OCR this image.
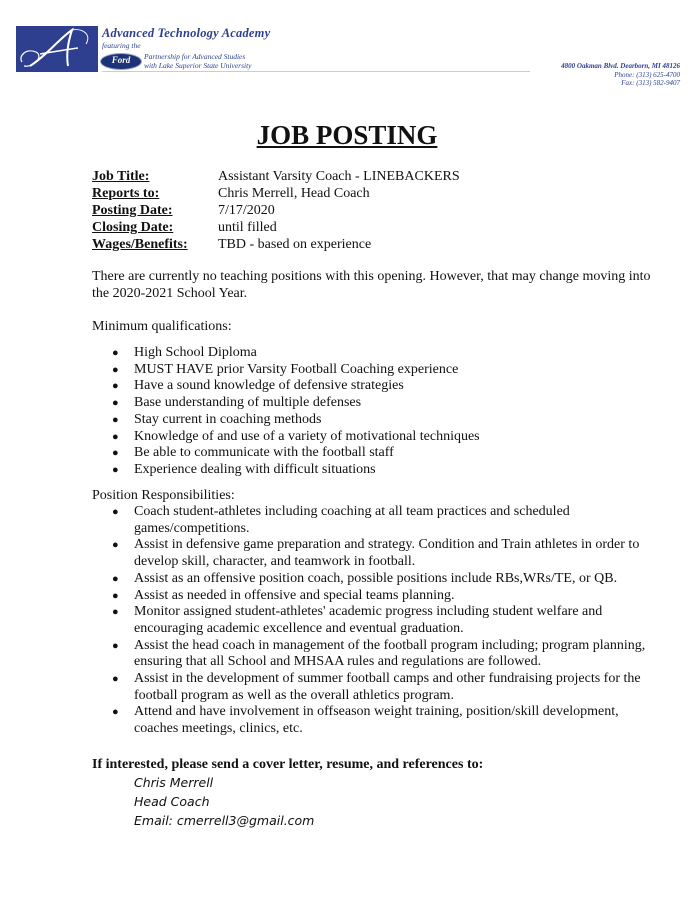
Advanced Technology Academy
featuring the
Ford	Partnership for Advanced Studies
with Lake Superior State University	4800 Oakman Blvd. Dearborn, MI 48126
Phone: (313) 625-4700
Fax: (313) 582-9407
JOB POSTING
Job Title:	Assistant Varsity Coach - LINEBACKERS
Reports to:	Chris Merrell, Head Coach
Posting Date:	7/17/2020
Closing Date:	until filled
Wages/Benefits:	TBD - based on experience
There are currently no teaching positions with this opening. However, that may change moving into the 2020-2021 School Year.
Minimum qualifications:
● High School Diploma
● MUST HAVE prior Varsity Football Coaching experience
● Have a sound knowledge of defensive strategies
● Base understanding of multiple defenses
● Stay current in coaching methods
● Knowledge of and use of a variety of motivational techniques
● Be able to communicate with the football staff
● Experience dealing with difficult situations
Position Responsibilities:
● Coach student-athletes including coaching at all team practices and scheduled games/competitions.
● Assist in defensive game preparation and strategy. Condition and Train athletes in order to develop skill, character, and teamwork in football.
● Assist as an offensive position coach, possible positions include RBs,WRs/TE, or QB.
● Assist as needed in offensive and special teams planning.
● Monitor assigned student-athletes' academic progress including student welfare and encouraging academic excellence and eventual graduation.
● Assist the head coach in management of the football program including; program planning, ensuring that all School and MHSAA rules and regulations are followed.
● Assist in the development of summer football camps and other fundraising projects for the football program as well as the overall athletics program.
● Attend and have involvement in offseason weight training, position/skill development, coaches meetings, clinics, etc.
If interested, please send a cover letter, resume, and references to:
Chris Merrell
Head Coach
Email: cmerrell3@gmail.com
